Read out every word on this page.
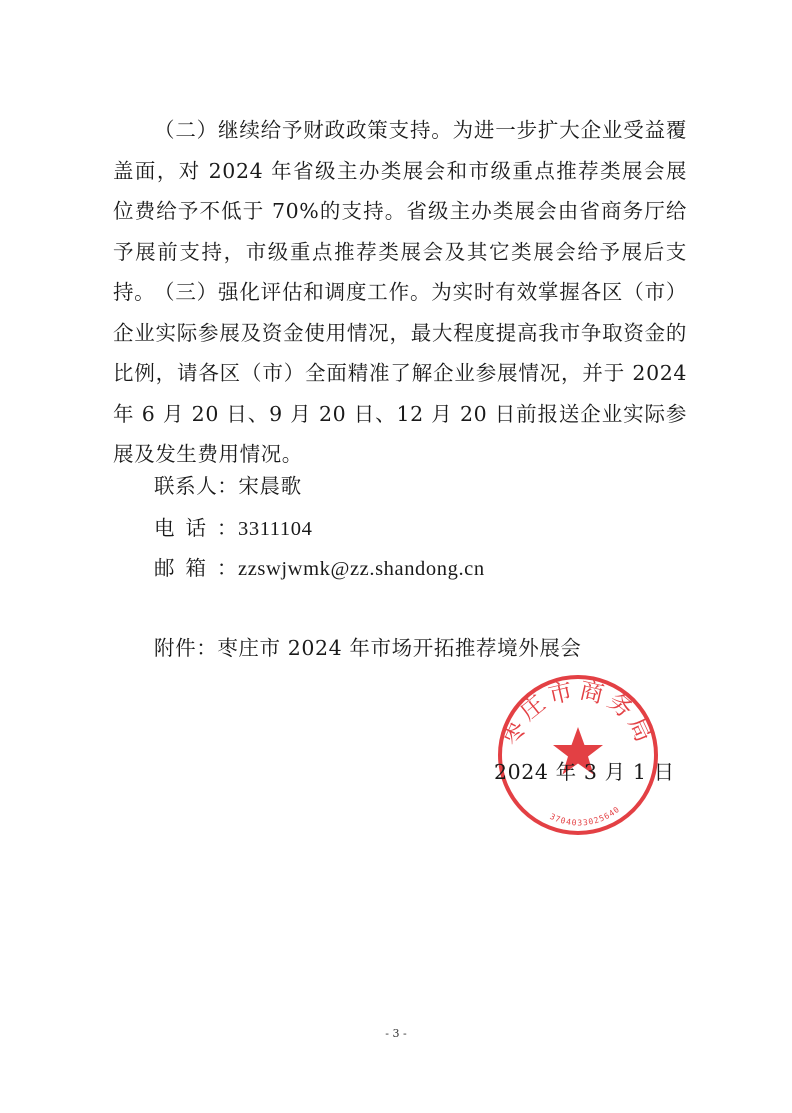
（二）继续给予财政政策支持。为进一步扩大企业受益覆盖面，对 2024 年省级主办类展会和市级重点推荐类展会展位费给予不低于 70%的支持。省级主办类展会由省商务厅给予展前支持，市级重点推荐类展会及其它类展会给予展后支持。

（三）强化评估和调度工作。为实时有效掌握各区（市）企业实际参展及资金使用情况，最大程度提高我市争取资金的比例，请各区（市）全面精准了解企业参展情况，并于 2024 年 6 月 20 日、9 月 20 日、12 月 20 日前报送企业实际参展及发生费用情况。

联系人：宋晨歌
电话：3311104
邮箱：zzswjwmk@zz.shandong.cn
附件：枣庄市 2024 年市场开拓推荐境外展会
枣庄市商务局
3704033025640
2024 年 3 月 1 日
- 3 -
